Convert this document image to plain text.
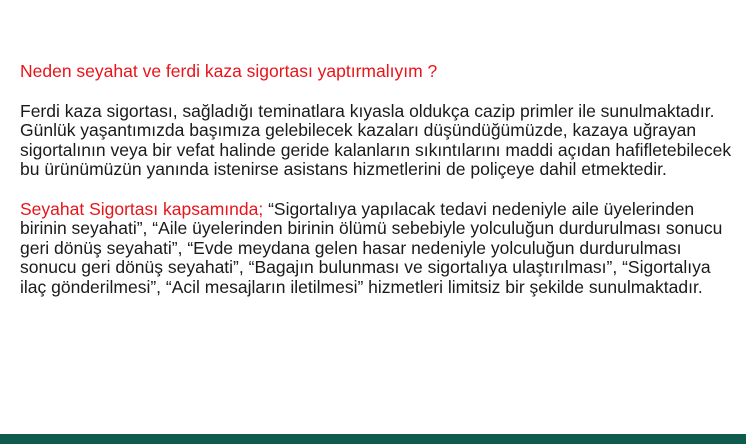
Neden seyahat ve ferdi kaza sigortası yaptırmalıyım ?

Ferdi kaza sigortası, sağladığı teminatlara kıyasla oldukça cazip primler ile sunulmaktadır. Günlük yaşantımızda başımıza gelebilecek kazaları düşündüğümüzde, kazaya uğrayan sigortalının veya bir vefat halinde geride kalanların sıkıntılarını maddi açıdan hafifletebilecek bu ürünümüzün yanında istenirse asistans hizmetlerini de poliçeye dahil etmektedir.

Seyahat Sigortası kapsamında; “Sigortalıya yapılacak tedavi nedeniyle aile üyelerinden birinin seyahati”, “Aile üyelerinden birinin ölümü sebebiyle yolculuğun durdurulması sonucu geri dönüş seyahati”, “Evde meydana gelen hasar nedeniyle yolculuğun durdurulması sonucu geri dönüş seyahati”, “Bagajın bulunması ve sigortalıya ulaştırılması”, “Sigortalıya ilaç gönderilmesi”, “Acil mesajların iletilmesi” hizmetleri limitsiz bir şekilde sunulmaktadır.
